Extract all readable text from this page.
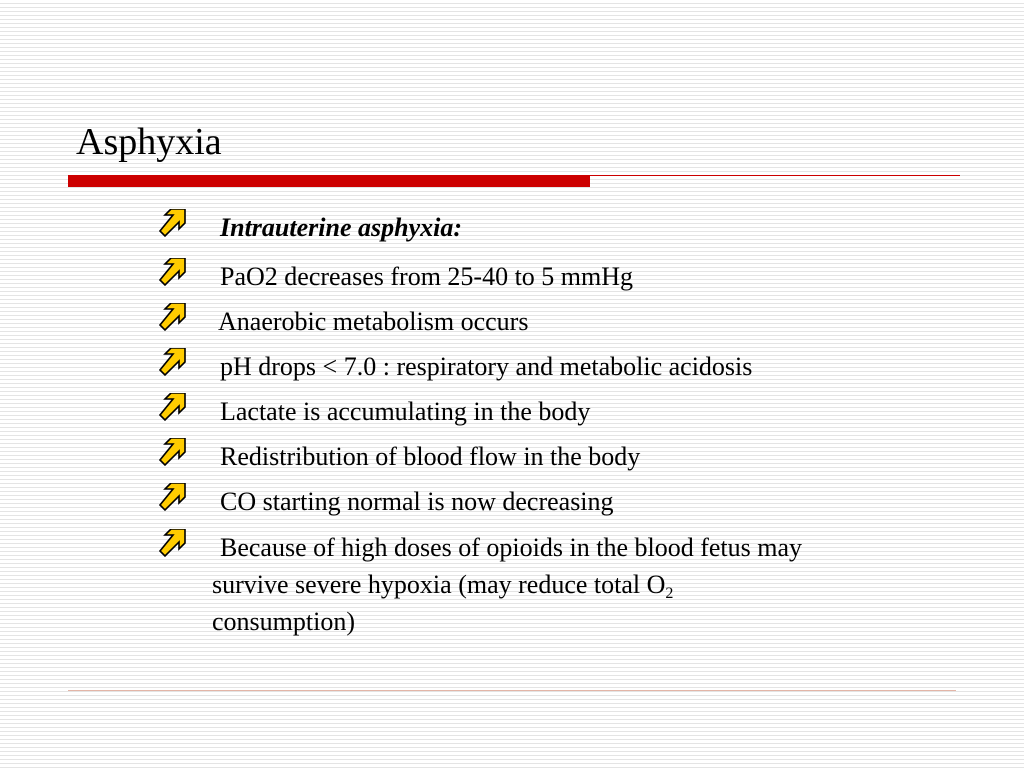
Asphyxia
Intrauterine asphyxia:
PaO2 decreases from 25-40 to 5 mmHg
Anaerobic metabolism occurs
pH drops < 7.0 : respiratory and metabolic acidosis
Lactate is accumulating in the body
Redistribution of blood flow in the body
CO starting normal is now decreasing
Because of high doses of opioids in the blood fetus may
survive severe hypoxia (may reduce total $O_2$
consumption)
